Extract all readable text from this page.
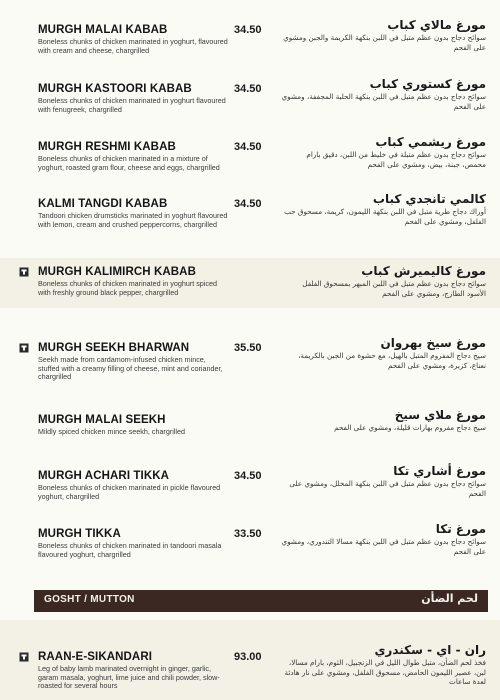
MURGH MALAI KABAB
Boneless chunks of chicken marinated in yoghurt, flavoured with cream and cheese, chargrilled
34.50	مورغ مالاي كباب
سوائح دجاج بدون عظم متبل في اللبن بنكهة الكريمة والجبن ومشوي على الفحم
MURGH KASTOORI KABAB
Boneless chunks of chicken marinated in yoghurt flavoured with fenugreek, chargrilled
34.50	مورغ كستوري كباب
سوائح دجاج بدون عظم متبل في اللبن بنكهة الحلبة المجففة، ومشوي على الفحم
MURGH RESHMI KABAB
Boneless chunks of chicken marinated in a mixture of yoghurt, roasted gram flour, cheese and eggs, chargrilled
34.50	مورغ ريشمي كباب
سوائح دجاج بدون عظم متبلة في خليط من اللبن، دقيق بارام محمص، جبنة، بيض، ومشوي على الفحم
KALMI TANGDI KABAB
Tandoori chicken drumsticks marinated in yoghurt flavoured with lemon, cream and crushed peppercorns, chargrilled
34.50	كالمي تانجدي كباب
أوراك دجاج طرية متبل في اللبن بنكهة الليمون، كريمة، مسحوق حب الفلفل، ومشوي على الفحم
MURGH KALIMIRCH KABAB
Boneless chunks of chicken marinated in yoghurt spiced with freshly ground black pepper, chargrilled
مورغ كاليميرش كباب
سوائح دجاج بدون عظم متبل في اللبن المبهر بمسحوق الفلفل الأسود الطازج، ومشوي على الفحم
MURGH SEEKH BHARWAN
Seekh made from cardamom-infused chicken mince, stuffed with a creamy filling of cheese, mint and coriander, chargrilled
35.50	مورغ سيخ بهروان
سيخ دجاج المفروم المتبل بالهيل، مع حشوة من الجبن بالكريمة، نعناع، كزبرة، ومشوي على الفحم
MURGH MALAI SEEKH
Mildly spiced chicken mince seekh, chargrilled
مورغ ملاي سيخ
سيخ دجاج مفروم بهارات قليلة، ومشوي على الفحم
MURGH ACHARI TIKKA
Boneless chunks of chicken marinated in pickle flavoured yoghurt, chargrilled
34.50	مورغ أشاري تكا
سوائح دجاج بدون عظم متبل في اللبن بنكهة المخلل، ومشوي على الفحم
MURGH TIKKA
Boneless chunks of chicken marinated in tandoori masala flavoured yoghurt, chargrilled
33.50	مورغ تكا
سوائح دجاج بدون عظم متبل في اللبن بنكهة مسالا التندوري، ومشوي على الفحم
GOSHT / MUTTON	لحم الضأن
RAAN-E-SIKANDARI
Leg of baby lamb marinated overnight in ginger, garlic, garam masala, yoghurt, lime juice and chili powder, slow-roasted for several hours
93.00	ران - اي - سكندري
فخذ لحم الضأن، متبل طوال الليل في الزنجبيل، الثوم، بارام مسالا، لبن، عصير الليمون الحامض، مسحوق الفلفل، ومشوي على نار هادئة لعدة ساعات
